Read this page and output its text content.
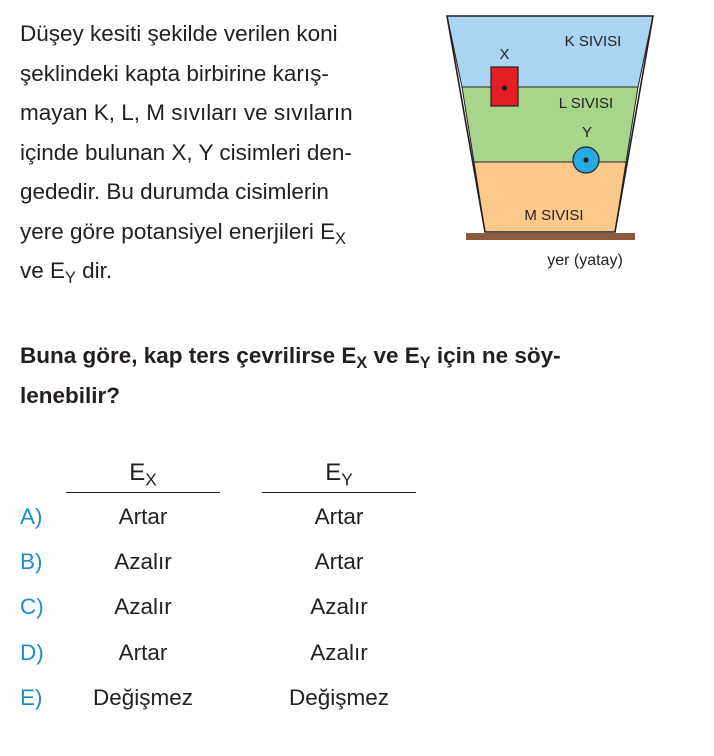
Düşey kesiti şekilde verilen koni
şeklindeki kapta birbirine karış-
mayan K, L, M sıvıları ve sıvıların
içinde bulunan X, Y cisimleri den-
gededir. Bu durumda cisimlerin
yere göre potansiyel enerjileri $E_X$
ve $E_Y$ dir.

X
Y
K SIVISI
L SIVISI
M SIVISI
yer (yatay)

Buna göre, kap ters çevrilirse $E_X$ ve $E_Y$ için ne söy-
lenebilir?

$E_X$	$E_Y$
A)	Artar	Artar
B)	Azalır	Artar
C)	Azalır	Azalır
D)	Artar	Azalır
E)	Değişmez	Değişmez
